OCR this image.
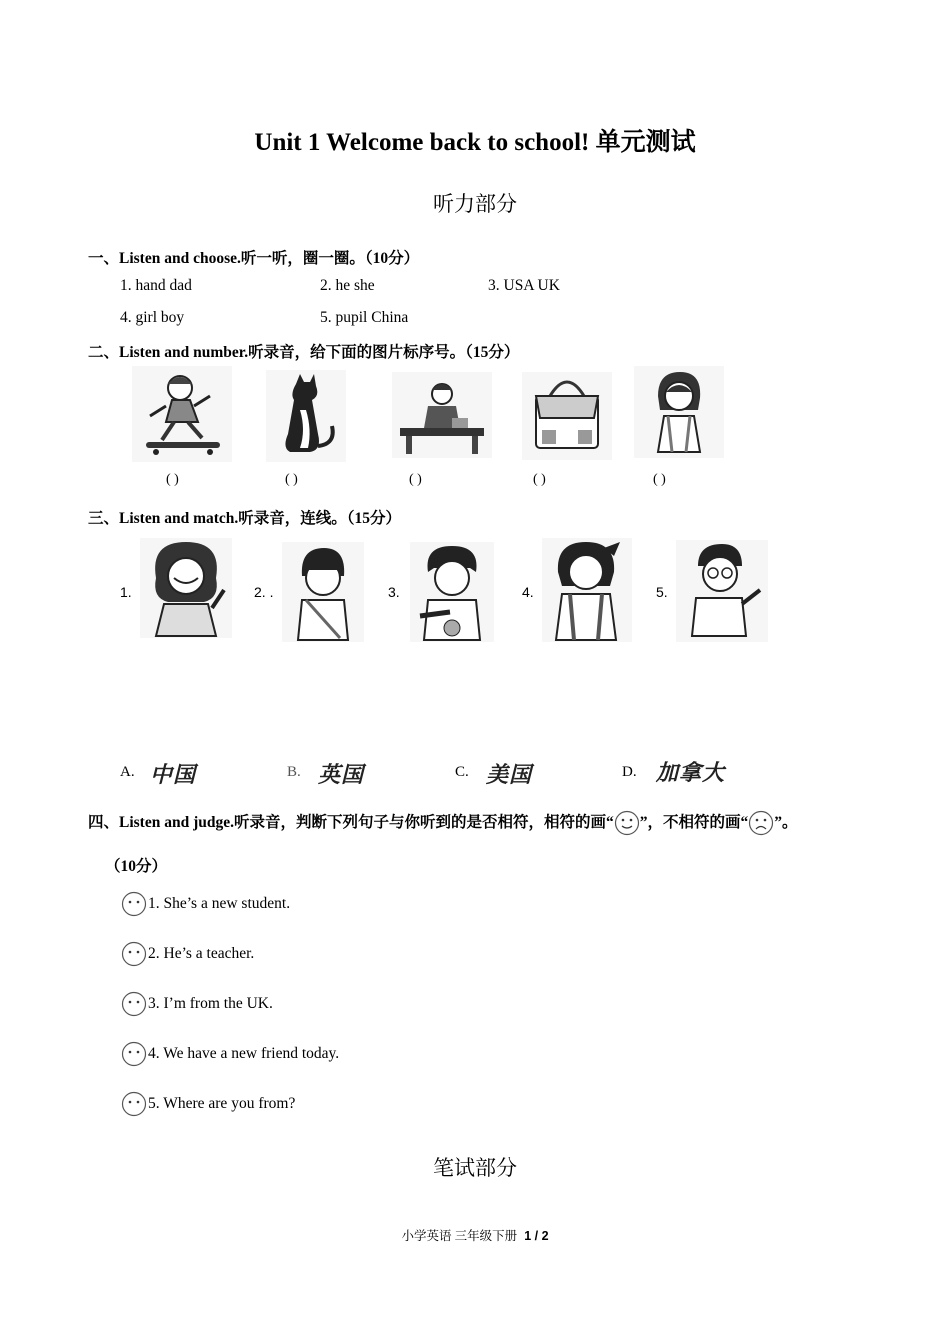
Unit 1 Welcome back to school! 单元测试
听力部分
一、Listen and choose.听一听，圈一圈。（10分）
1. hand dad	2. he she	3. USA UK
4. girl boy	5. pupil China
二、Listen and number.听录音，给下面的图片标序号。（15分）
( )	( )	( )	( )	( )
三、Listen and match.听录音，连线。（15分）
1.	2. .	3.	4.	5.
A. 中国	B. 英国	C. 美国	D. 加拿大
四、Listen and judge.听录音，判断下列句子与你听到的是否相符，相符的画“ ”，不相符的画“ ”。
（10分）
1. She’s a new student.
2. He’s a teacher.
3. I’m from the UK.
4. We have a new friend today.
5. Where are you from?
笔试部分
小学英语 三年级下册 1 / 2
